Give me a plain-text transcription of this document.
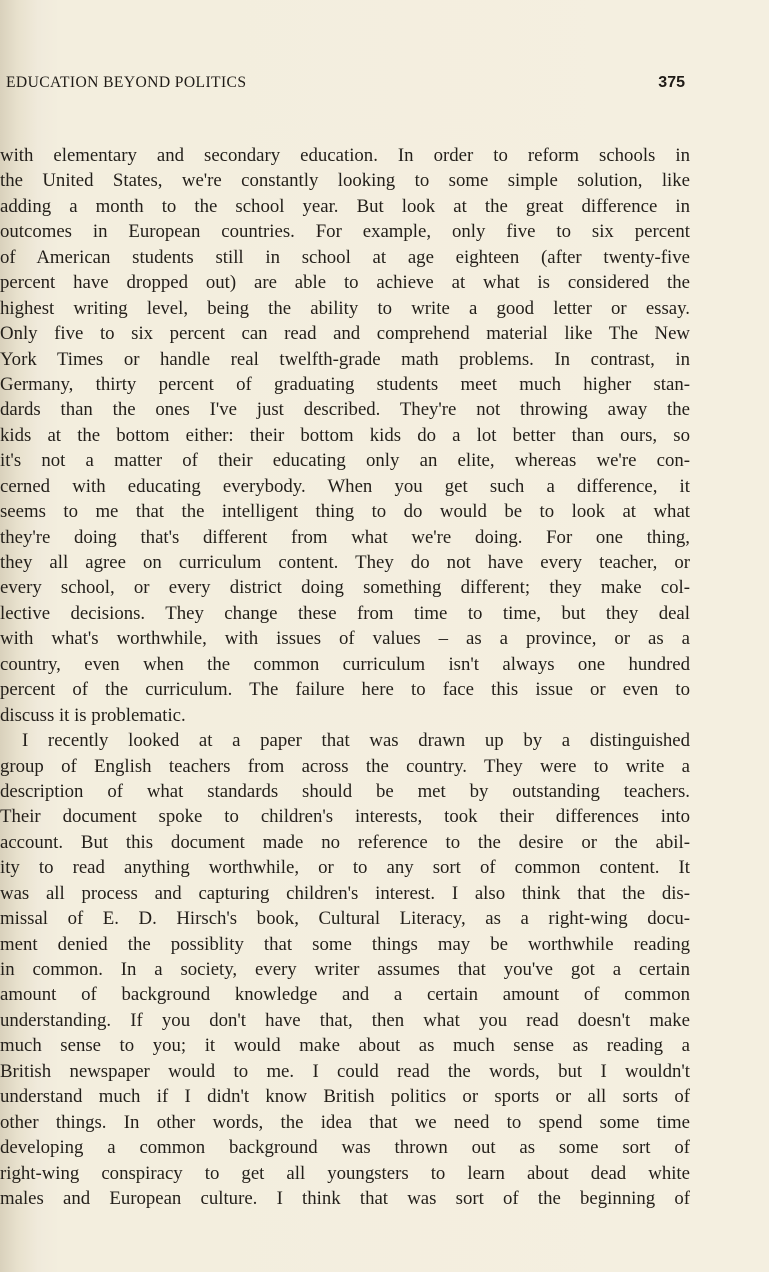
EDUCATION BEYOND POLITICS	375
with elementary and secondary education. In order to reform schools in
the United States, we're constantly looking to some simple solution, like
adding a month to the school year. But look at the great difference in
outcomes in European countries. For example, only five to six percent
of American students still in school at age eighteen (after twenty-five
percent have dropped out) are able to achieve at what is considered the
highest writing level, being the ability to write a good letter or essay.
Only five to six percent can read and comprehend material like The New
York Times or handle real twelfth-grade math problems. In contrast, in
Germany, thirty percent of graduating students meet much higher stan-
dards than the ones I've just described. They're not throwing away the
kids at the bottom either: their bottom kids do a lot better than ours, so
it's not a matter of their educating only an elite, whereas we're con-
cerned with educating everybody. When you get such a difference, it
seems to me that the intelligent thing to do would be to look at what
they're doing that's different from what we're doing. For one thing,
they all agree on curriculum content. They do not have every teacher, or
every school, or every district doing something different; they make col-
lective decisions. They change these from time to time, but they deal
with what's worthwhile, with issues of values – as a province, or as a
country, even when the common curriculum isn't always one hundred
percent of the curriculum. The failure here to face this issue or even to
discuss it is problematic.
I recently looked at a paper that was drawn up by a distinguished
group of English teachers from across the country. They were to write a
description of what standards should be met by outstanding teachers.
Their document spoke to children's interests, took their differences into
account. But this document made no reference to the desire or the abil-
ity to read anything worthwhile, or to any sort of common content. It
was all process and capturing children's interest. I also think that the dis-
missal of E. D. Hirsch's book, Cultural Literacy, as a right-wing docu-
ment denied the possiblity that some things may be worthwhile reading
in common. In a society, every writer assumes that you've got a certain
amount of background knowledge and a certain amount of common
understanding. If you don't have that, then what you read doesn't make
much sense to you; it would make about as much sense as reading a
British newspaper would to me. I could read the words, but I wouldn't
understand much if I didn't know British politics or sports or all sorts of
other things. In other words, the idea that we need to spend some time
developing a common background was thrown out as some sort of
right-wing conspiracy to get all youngsters to learn about dead white
males and European culture. I think that was sort of the beginning of
